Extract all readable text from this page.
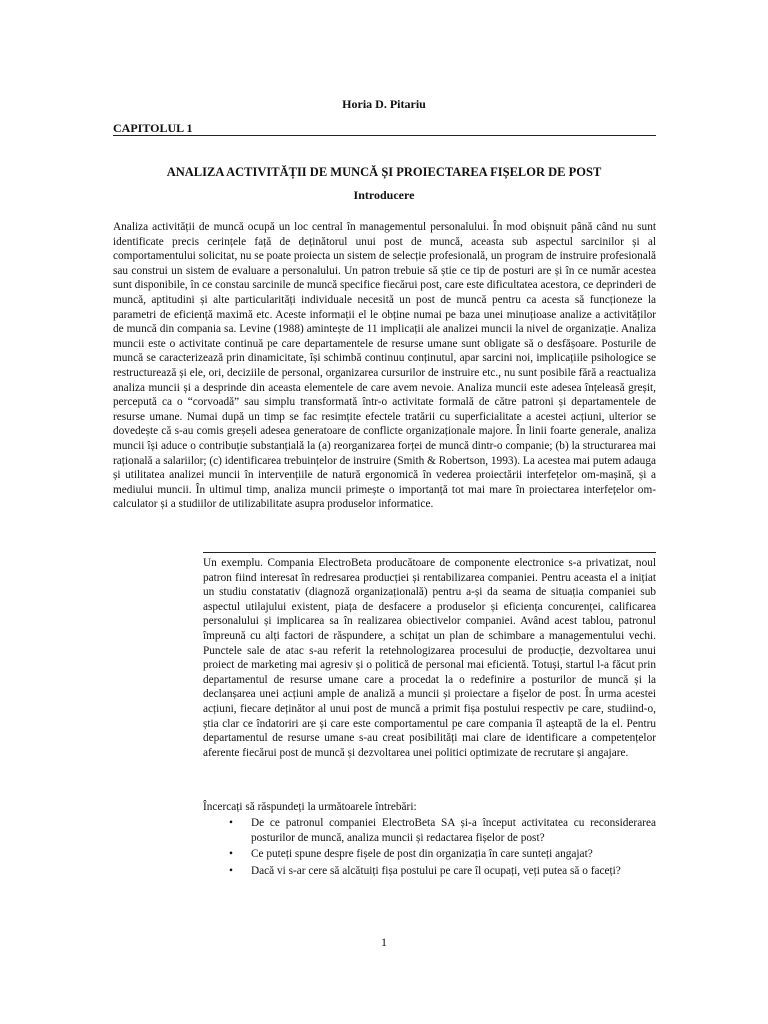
Horia D. Pitariu
CAPITOLUL 1
ANALIZA ACTIVITĂȚII DE MUNCĂ ȘI PROIECTAREA FIȘELOR DE POST
Introducere

Analiza activității de muncă ocupă un loc central în managementul personalului. În mod obișnuit până când nu sunt identificate precis cerințele față de deținătorul unui post de muncă, aceasta sub aspectul sarcinilor și al comportamentului solicitat, nu se poate proiecta un sistem de selecție profesională, un program de instruire profesională sau construi un sistem de evaluare a personalului. Un patron trebuie să știe ce tip de posturi are și în ce număr acestea sunt disponibile, în ce constau sarcinile de muncă specifice fiecărui post, care este dificultatea acestora, ce deprinderi de muncă, aptitudini și alte particularități individuale necesită un post de muncă pentru ca acesta să funcționeze la parametri de eficiență maximă etc. Aceste informații el le obține numai pe baza unei minuțioase analize a activităților de muncă din compania sa. Levine (1988) amintește de 11 implicații ale analizei muncii la nivel de organizație. Analiza muncii este o activitate continuă pe care departamentele de resurse umane sunt obligate să o desfășoare. Posturile de muncă se caracterizează prin dinamicitate, își schimbă continuu conținutul, apar sarcini noi, implicațiile psihologice se restructurează și ele, ori, deciziile de personal, organizarea cursurilor de instruire etc., nu sunt posibile fără a reactualiza analiza muncii și a desprinde din aceasta elementele de care avem nevoie. Analiza muncii este adesea înțeleasă greșit, percepută ca o “corvoadă” sau simplu transformată într-o activitate formală de către patroni și departamentele de resurse umane. Numai după un timp se fac resimțite efectele tratării cu superficialitate a acestei acțiuni, ulterior se dovedește că s-au comis greșeli adesea generatoare de conflicte organizaționale majore. În linii foarte generale, analiza muncii își aduce o contribuție substanțială la (a) reorganizarea forței de muncă dintr-o companie; (b) la structurarea mai rațională a salariilor; (c) identificarea trebuințelor de instruire (Smith & Robertson, 1993). La acestea mai putem adauga și utilitatea analizei muncii în intervențiile de natură ergonomică în vederea proiectării interfețelor om-mașină, și a mediului muncii. În ultimul timp, analiza muncii primește o importanță tot mai mare în proiectarea interfețelor om-calculator și a studiilor de utilizabilitate asupra produselor informatice.

Un exemplu. Compania ElectroBeta producătoare de componente electronice s-a privatizat, noul patron fiind interesat în redresarea producției și rentabilizarea companiei. Pentru aceasta el a inițiat un studiu constatativ (diagnoză organizațională) pentru a-și da seama de situația companiei sub aspectul utilajului existent, piața de desfacere a produselor și eficiența concurenței, calificarea personalului și implicarea sa în realizarea obiectivelor companiei. Având acest tablou, patronul împreună cu alți factori de răspundere, a schițat un plan de schimbare a managementului vechi. Punctele sale de atac s-au referit la retehnologizarea procesului de producție, dezvoltarea unui proiect de marketing mai agresiv și o politică de personal mai eficientă. Totuși, startul l-a făcut prin departamentul de resurse umane care a procedat la o redefinire a posturilor de muncă și la declanșarea unei acțiuni ample de analiză a muncii și proiectare a fișelor de post. În urma acestei acțiuni, fiecare deținător al unui post de muncă a primit fișa postului respectiv pe care, studiind-o, știa clar ce îndatoriri are și care este comportamentul pe care compania îl așteaptă de la el. Pentru departamentul de resurse umane s-au creat posibilități mai clare de identificare a competențelor aferente fiecărui post de muncă și dezvoltarea unei politici optimizate de recrutare și angajare.

Încercați să răspundeți la următoarele întrebări:

• De ce patronul companiei ElectroBeta SA și-a început activitatea cu reconsiderarea posturilor de muncă, analiza muncii și redactarea fișelor de post?
• Ce puteți spune despre fișele de post din organizația în care sunteți angajat?
• Dacă vi s-ar cere să alcătuiți fișa postului pe care îl ocupați, veți putea să o faceți?
1
